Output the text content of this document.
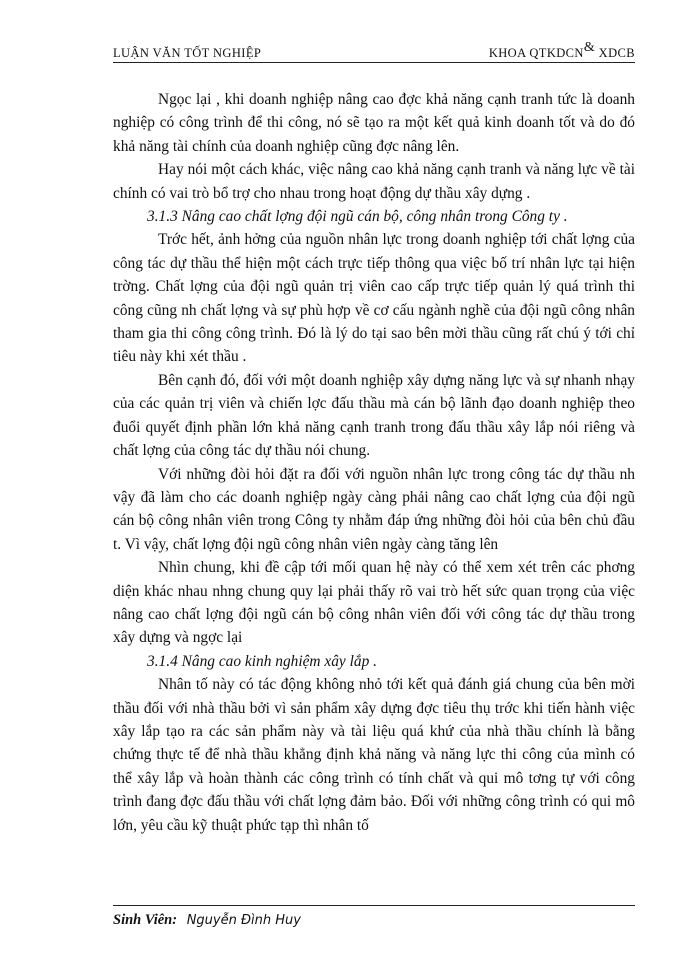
LUẬN VĂN TỐT NGHIỆP	KHOA QTKDCN& XDCB

Ngọc lại , khi doanh nghiệp nâng cao đợc khả năng cạnh tranh tức là doanh nghiệp có công trình để thi công, nó sẽ tạo ra một kết quả kinh doanh tốt và do đó khả năng tài chính của doanh nghiệp cũng đợc nâng lên.

Hay nói một cách khác, việc nâng cao khả năng cạnh tranh và năng lực về tài chính có vai trò bổ trợ cho nhau trong hoạt động dự thầu xây dựng .

3.1.3 Nâng cao chất lợng đội ngũ cán bộ, công nhân trong Công ty .

Trớc hết, ảnh hởng của nguồn nhân lực trong doanh nghiệp tới chất lợng của công tác dự thầu thể hiện một cách trực tiếp thông qua việc bố trí nhân lực tại hiện trờng. Chất lợng của đội ngũ quản trị viên cao cấp trực tiếp quản lý quá trình thi công cũng nh chất lợng và sự phù hợp về cơ cấu ngành nghề của đội ngũ công nhân tham gia thi công công trình. Đó là lý do tại sao bên mời thầu cũng rất chú ý tới chỉ tiêu này khi xét thầu .

Bên cạnh đó, đối với một doanh nghiệp xây dựng năng lực và sự nhanh nhạy của các quản trị viên và chiến lợc đấu thầu mà cán bộ lãnh đạo doanh nghiệp theo đuổi quyết định phần lớn khả năng cạnh tranh trong đấu thầu xây lắp nói riêng và chất lợng của công tác dự thầu nói chung.

Với những đòi hỏi đặt ra đối với nguồn nhân lực trong công tác dự thầu nh vậy đã làm cho các doanh nghiệp ngày càng phải nâng cao chất lợng của đội ngũ cán bộ công nhân viên trong Công ty nhằm đáp ứng những đòi hỏi của bên chủ đầu t. Vì vậy, chất lợng đội ngũ công nhân viên ngày càng tăng lên

Nhìn chung, khi đề cập tới mối quan hệ này có thể xem xét trên các phơng diện khác nhau nhng chung quy lại phải thấy rõ vai trò hết sức quan trọng của việc nâng cao chất lợng đội ngũ cán bộ công nhân viên đối với công tác dự thầu trong xây dựng và ngợc lại

3.1.4 Nâng cao kinh nghiệm xây lắp .

Nhân tố này có tác động không nhỏ tới kết quả đánh giá chung của bên mời thầu đối với nhà thầu bởi vì sản phẩm xây dựng đợc tiêu thụ trớc khi tiến hành việc xây lắp tạo ra các sản phẩm này và tài liệu quá khứ của nhà thầu chính là bằng chứng thực tế để nhà thầu khẳng định khả năng và năng lực thi công của mình có thể xây lắp và hoàn thành các công trình có tính chất và qui mô tơng tự với công trình đang đợc đấu thầu với chất lợng đảm bảo. Đối với những công trình có qui mô lớn, yêu cầu kỹ thuật phức tạp thì nhân tố

Sinh Viên: Nguyễn Đình Huy
